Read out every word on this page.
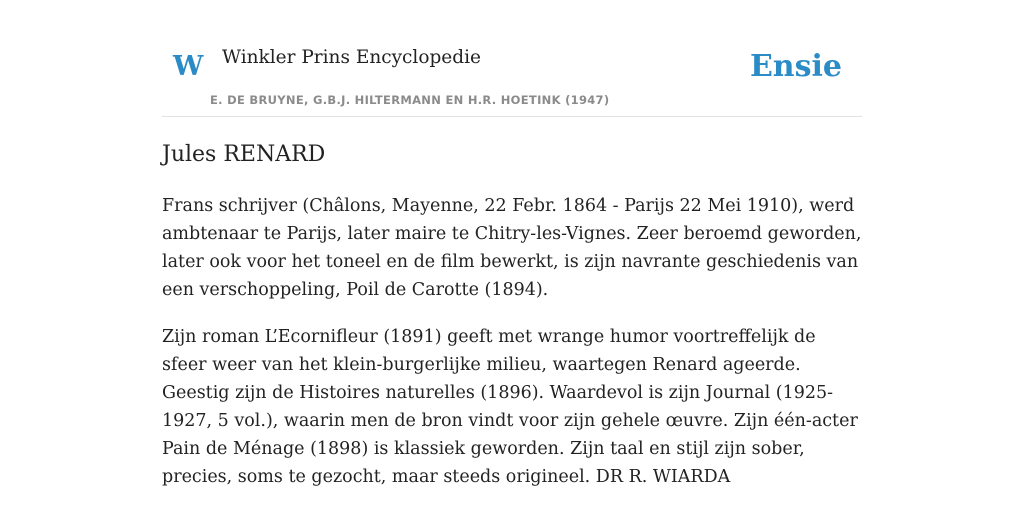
W Winkler Prins Encyclopedie
E. DE BRUYNE, G.B.J. HILTERMANN EN H.R. HOETINK (1947)
Ensie
Jules RENARD

Frans schrijver (Châlons, Mayenne, 22 Febr. 1864 - Parijs 22 Mei 1910), werd ambtenaar te Parijs, later maire te Chitry-les-Vignes. Zeer beroemd geworden, later ook voor het toneel en de film bewerkt, is zijn navrante geschiedenis van een verschoppeling, Poil de Carotte (1894).

Zijn roman L’Ecornifleur (1891) geeft met wrange humor voortreffelijk de sfeer weer van het klein-burgerlijke milieu, waartegen Renard ageerde. Geestig zijn de Histoires naturelles (1896). Waardevol is zijn Journal (1925-1927, 5 vol.), waarin men de bron vindt voor zijn gehele œuvre. Zijn één-acter Pain de Ménage (1898) is klassiek geworden. Zijn taal en stijl zijn sober, precies, soms te gezocht, maar steeds origineel. DR R. WIARDA
